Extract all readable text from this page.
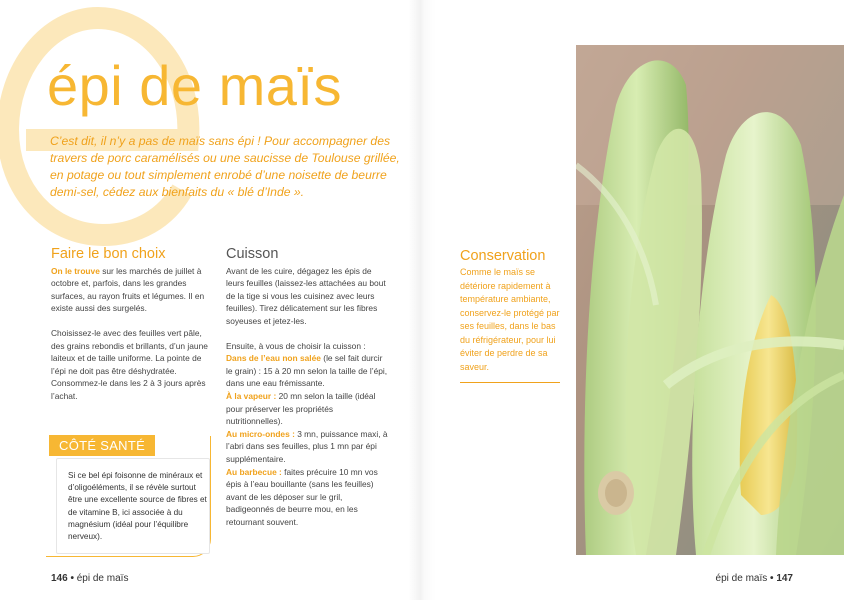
épi de maïs

C’est dit, il n’y a pas de maïs sans épi ! Pour accompagner des travers de porc caramélisés ou une saucisse de Toulouse grillée, en potage ou tout simplement enrobé d’une noisette de beurre demi-sel, cédez aux bienfaits du « blé d’Inde ».

Faire le bon choix

On le trouve sur les marchés de juillet à octobre et, parfois, dans les grandes surfaces, au rayon fruits et légumes. Il en existe aussi des surgelés.

Choisissez-le avec des feuilles vert pâle, des grains rebondis et brillants, d’un jaune laiteux et de taille uniforme. La pointe de l’épi ne doit pas être déshydratée. Consommez-le dans les 2 à 3 jours après l’achat.

CÔTÉ SANTÉ
Si ce bel épi foisonne de minéraux et d’oligoéléments, il se révèle surtout être une excellente source de fibres et de vitamine B, ici associée à du magnésium (idéal pour l’équilibre nerveux).
Cuisson

Avant de les cuire, dégagez les épis de leurs feuilles (laissez-les attachées au bout de la tige si vous les cuisinez avec leurs feuilles). Tirez délicatement sur les fibres soyeuses et jetez-les.

Ensuite, à vous de choisir la cuisson :

Dans de l’eau non salée (le sel fait durcir le grain) : 15 à 20 mn selon la taille de l’épi, dans une eau frémissante.

À la vapeur : 20 mn selon la taille (idéal pour préserver les propriétés nutritionnelles).

Au micro-ondes : 3 mn, puissance maxi, à l’abri dans ses feuilles, plus 1 mn par épi supplémentaire.

Au barbecue : faites précuire 10 mn vos épis à l’eau bouillante (sans les feuilles) avant de les déposer sur le gril, badigeonnés de beurre mou, en les retournant souvent.

146 • épi de maïs
Conservation
Comme le maïs se détériore rapidement à température ambiante, conservez-le protégé par ses feuilles, dans le bas du réfrigérateur, pour lui éviter de perdre de sa saveur.
épi de maïs • 147
